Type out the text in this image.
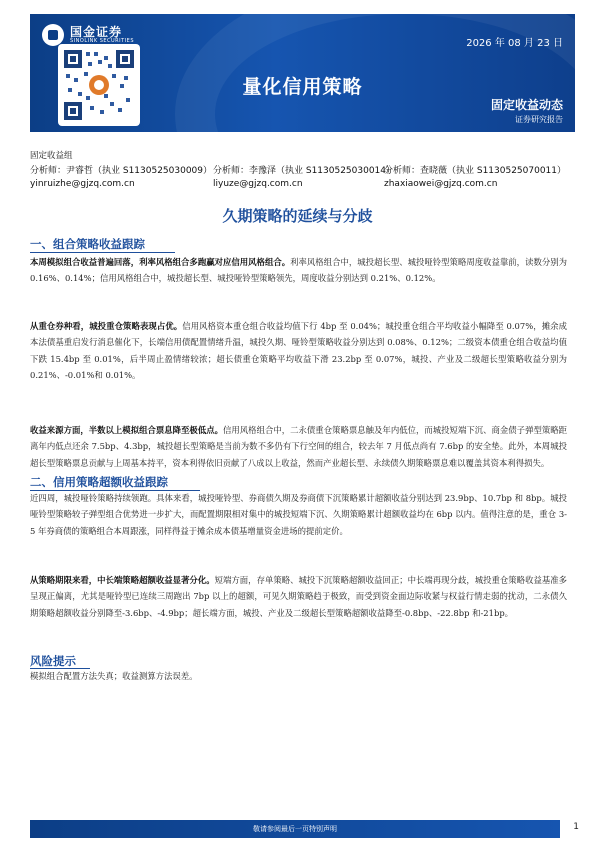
国金证券
SINOLINK SECURITIES	2026 年 08 月 23 日
量化信用策略
固定收益动态
证券研究报告
固定收益组
分析师：尹睿哲（执业 S1130525030009）
yinruizhe@gjzq.com.cn
分析师：李豫泽（执业 S1130525030014）
liyuze@gjzq.com.cn
分析师：查晓薇（执业 S1130525070011）
zhaxiaowei@gjzq.com.cn
久期策略的延续与分歧
一、组合策略收益跟踪
本周模拟组合收益普遍回落，利率风格组合多跑赢对应信用风格组合。利率风格组合中，城投超长型、城投哑铃型策略周度收益靠前，读数分别为 0.16%、0.14%；信用风格组合中，城投超长型、城投哑铃型策略领先，周度收益分别达到 0.21%、0.12%。
从重仓券种看，城投重仓策略表现占优。信用风格资本重仓组合收益均值下行 4bp 至 0.04%；城投重仓组合平均收益小幅降至 0.07%，摊余成本法债基重启发行消息催化下，长端信用债配置情绪升温，城投久期、哑铃型策略收益分别达到 0.08%、0.12%；二级资本债重仓组合收益均值下跌 15.4bp 至 0.01%，后半周止盈情绪较浓；超长债重仓策略平均收益下滑 23.2bp 至 0.07%，城投、产业及二级超长型策略收益分别为 0.21%、-0.01%和 0.01%。
收益来源方面，半数以上模拟组合票息降至极低点。信用风格组合中，二永债重仓策略票息触及年内低位，而城投短端下沉、商金债子弹型策略距离年内低点还余 7.5bp、4.3bp，城投超长型策略是当前为数不多仍有下行空间的组合，较去年 7 月低点尚有 7.6bp 的安全垫。此外，本周城投超长型策略票息贡献与上周基本持平，资本利得依旧贡献了八成以上收益，然而产业超长型、永续债久期策略票息难以覆盖其资本利得损失。
二、信用策略超额收益跟踪
近四周，城投哑铃策略持续领跑。具体来看，城投哑铃型、券商债久期及券商债下沉策略累计超额收益分别达到 23.9bp、10.7bp 和 8bp。城投哑铃型策略较子弹型组合优势进一步扩大，而配置期限相对集中的城投短端下沉、久期策略累计超额收益均在 6bp 以内。值得注意的是，重仓 3-5 年券商债的策略组合本周跟涨，同样得益于摊余成本债基增量资金进场的提前定价。
从策略期限来看，中长端策略超额收益显著分化。短端方面，存单策略、城投下沉策略超额收益回正；中长端再现分歧，城投重仓策略收益基准多呈现正偏离，尤其是哑铃型已连续三周跑出 7bp 以上的超额，可见久期策略趋于极致，而受到资金面边际收紧与权益行情走弱的扰动，二永债久期策略超额收益分别降至-3.6bp、-4.9bp；超长端方面，城投、产业及二级超长型策略超额收益降至-0.8bp、-22.8bp 和-21bp。
风险提示
模拟组合配置方法失真；收益测算方法误差。
敬请参阅最后一页特别声明	1
